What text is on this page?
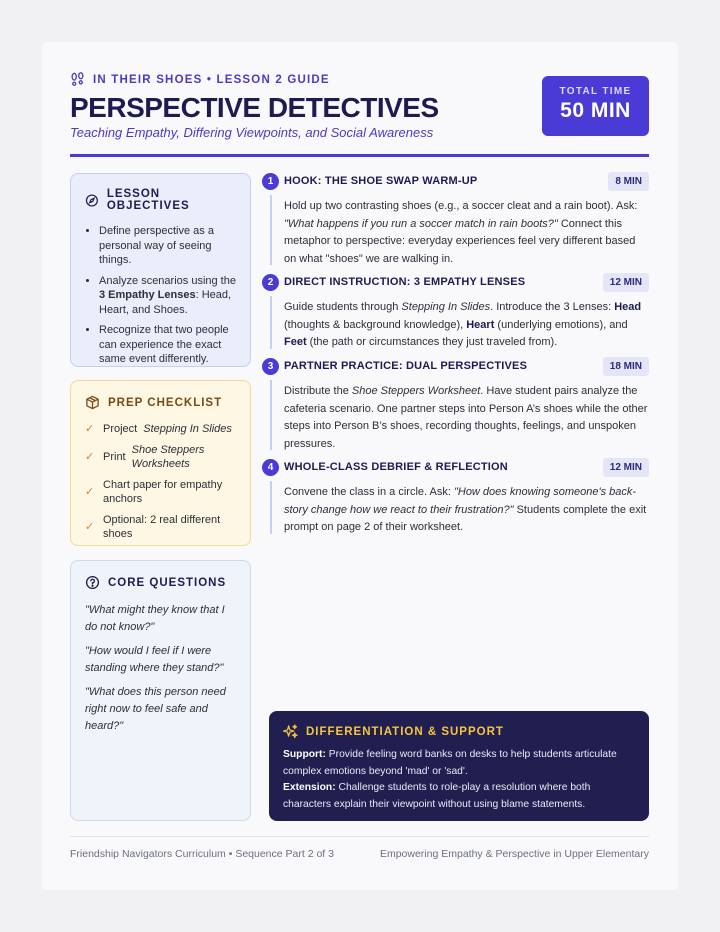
IN THEIR SHOES • LESSON 2 GUIDE
PERSPECTIVE DETECTIVES
Teaching Empathy, Differing Viewpoints, and Social Awareness
TOTAL TIME
50 MIN
LESSON OBJECTIVES
• Define perspective as a personal way of seeing things.
• Analyze scenarios using the 3 Empathy Lenses: Head, Heart, and Shoes.
• Recognize that two people can experience the exact same event differently.
PREP CHECKLIST
✓ Project Stepping In Slides
✓ Print
Shoe Steppers Worksheets
✓
Chart paper for empathy anchors
✓
Optional: 2 real different shoes
CORE QUESTIONS

"What might they know that I do not know?"

"How would I feel if I were standing where they stand?"

"What does this person need right now to feel safe and heard?"

1 HOOK: THE SHOE SWAP WARM-UP	8 MIN
Hold up two contrasting shoes (e.g., a soccer cleat and a rain boot). Ask: "What happens if you run a soccer match in rain boots?" Connect this metaphor to perspective: everyday experiences feel very different based on what "shoes" we are walking in.
2 DIRECT INSTRUCTION: 3 EMPATHY LENSES	12 MIN
Guide students through Stepping In Slides. Introduce the 3 Lenses: Head (thoughts & background knowledge), Heart (underlying emotions), and Feet (the path or circumstances they just traveled from).
3 PARTNER PRACTICE: DUAL PERSPECTIVES	18 MIN
Distribute the Shoe Steppers Worksheet. Have student pairs analyze the cafeteria scenario. One partner steps into Person A’s shoes while the other steps into Person B’s shoes, recording thoughts, feelings, and unspoken pressures.
4 WHOLE-CLASS DEBRIEF & REFLECTION	12 MIN
Convene the class in a circle. Ask: "How does knowing someone's back-story change how we react to their frustration?" Students complete the exit prompt on page 2 of their worksheet.
DIFFERENTIATION & SUPPORT

Support: Provide feeling word banks on desks to help students articulate complex emotions beyond 'mad' or 'sad'.

Extension: Challenge students to role-play a resolution where both characters explain their viewpoint without using blame statements.

Friendship Navigators Curriculum • Sequence Part 2 of 3	Empowering Empathy & Perspective in Upper Elementary
